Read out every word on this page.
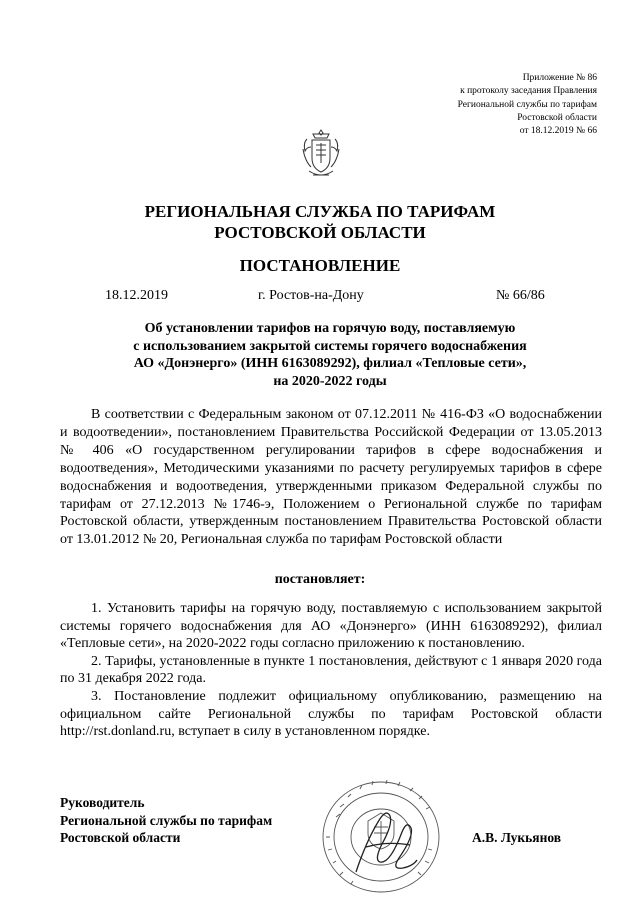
Приложение № 86
к протоколу заседания Правления
Региональной службы по тарифам
Ростовской области
от 18.12.2019 № 66
РЕГИОНАЛЬНАЯ СЛУЖБА ПО ТАРИФАМ
РОСТОВСКОЙ ОБЛАСТИ
ПОСТАНОВЛЕНИЕ
18.12.2019	г. Ростов-на-Дону	№ 66/86
Об установлении тарифов на горячую воду, поставляемую
с использованием закрытой системы горячего водоснабжения
АО «Донэнерго» (ИНН 6163089292), филиал «Тепловые сети»,
на 2020-2022 годы

В соответствии с Федеральным законом от 07.12.2011 № 416-ФЗ «О водоснабжении и водоотведении», постановлением Правительства Российской Федерации от 13.05.2013 № 406 «О государственном регулировании тарифов в сфере водоснабжения и водоотведения», Методическими указаниями по расчету регулируемых тарифов в сфере водоснабжения и водоотведения, утвержденными приказом Федеральной службы по тарифам от 27.12.2013 №1746-э, Положением о Региональной службе по тарифам Ростовской области, утвержденным постановлением Правительства Ростовской области от 13.01.2012 № 20, Региональная служба по тарифам Ростовской области

постановляет:

1. Установить тарифы на горячую воду, поставляемую с использованием закрытой системы горячего водоснабжения для АО «Донэнерго» (ИНН 6163089292), филиал «Тепловые сети», на 2020-2022 годы согласно приложению к постановлению.

2. Тарифы, установленные в пункте 1 постановления, действуют с 1 января 2020 года по 31 декабря 2022 года.

3. Постановление подлежит официальному опубликованию, размещению на официальном сайте Региональной службы по тарифам Ростовской области http://rst.donland.ru, вступает в силу в установленном порядке.

Руководитель
Региональной службы по тарифам
Ростовской области	А.В. Лукьянов
